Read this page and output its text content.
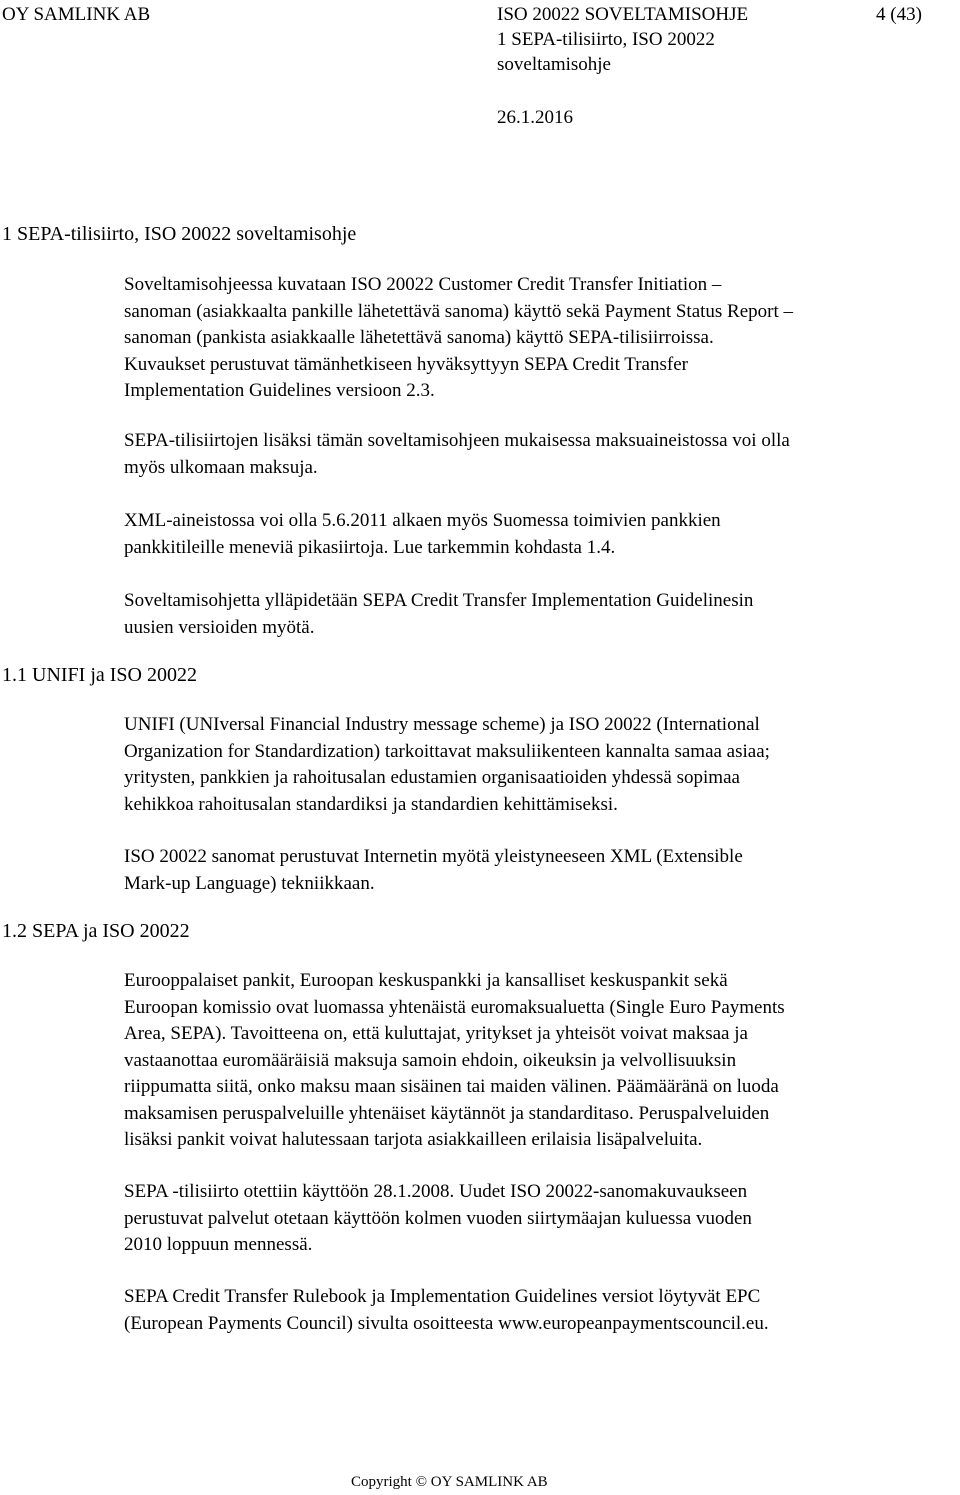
OY SAMLINK AB	ISO 20022 SOVELTAMISOHJE	4 (43)
1 SEPA-tilisiirto, ISO 20022
soveltamisohje
26.1.2016
1 SEPA-tilisiirto, ISO 20022 soveltamisohje
1.1 UNIFI ja ISO 20022
1.2 SEPA ja ISO 20022
Soveltamisohjeessa kuvataan ISO 20022 Customer Credit Transfer Initiation –
sanoman (asiakkaalta pankille lähetettävä sanoma) käyttö sekä Payment Status Report –
sanoman (pankista asiakkaalle lähetettävä sanoma) käyttö SEPA-tilisiirroissa.
Kuvaukset perustuvat tämänhetkiseen hyväksyttyyn SEPA Credit Transfer
Implementation Guidelines versioon 2.3.
SEPA-tilisiirtojen lisäksi tämän soveltamisohjeen mukaisessa maksuaineistossa voi olla
myös ulkomaan maksuja.
XML-aineistossa voi olla 5.6.2011 alkaen myös Suomessa toimivien pankkien
pankkitileille meneviä pikasiirtoja. Lue tarkemmin kohdasta 1.4.
Soveltamisohjetta ylläpidetään SEPA Credit Transfer Implementation Guidelinesin
uusien versioiden myötä.
UNIFI (UNIversal Financial Industry message scheme) ja ISO 20022 (International
Organization for Standardization) tarkoittavat maksuliikenteen kannalta samaa asiaa;
yritysten, pankkien ja rahoitusalan edustamien organisaatioiden yhdessä sopimaa
kehikkoa rahoitusalan standardiksi ja standardien kehittämiseksi.
ISO 20022 sanomat perustuvat Internetin myötä yleistyneeseen XML (Extensible
Mark-up Language) tekniikkaan.
Eurooppalaiset pankit, Euroopan keskuspankki ja kansalliset keskuspankit sekä
Euroopan komissio ovat luomassa yhtenäistä euromaksualuetta (Single Euro Payments
Area, SEPA). Tavoitteena on, että kuluttajat, yritykset ja yhteisöt voivat maksaa ja
vastaanottaa euromääräisiä maksuja samoin ehdoin, oikeuksin ja velvollisuuksin
riippumatta siitä, onko maksu maan sisäinen tai maiden välinen. Päämääränä on luoda
maksamisen peruspalveluille yhtenäiset käytännöt ja standarditaso. Peruspalveluiden
lisäksi pankit voivat halutessaan tarjota asiakkailleen erilaisia lisäpalveluita.
SEPA -tilisiirto otettiin käyttöön 28.1.2008. Uudet ISO 20022-sanomakuvaukseen
perustuvat palvelut otetaan käyttöön kolmen vuoden siirtymäajan kuluessa vuoden
2010 loppuun mennessä.
SEPA Credit Transfer Rulebook ja Implementation Guidelines versiot löytyvät EPC
(European Payments Council) sivulta osoitteesta www.europeanpaymentscouncil.eu.
Copyright © OY SAMLINK AB
